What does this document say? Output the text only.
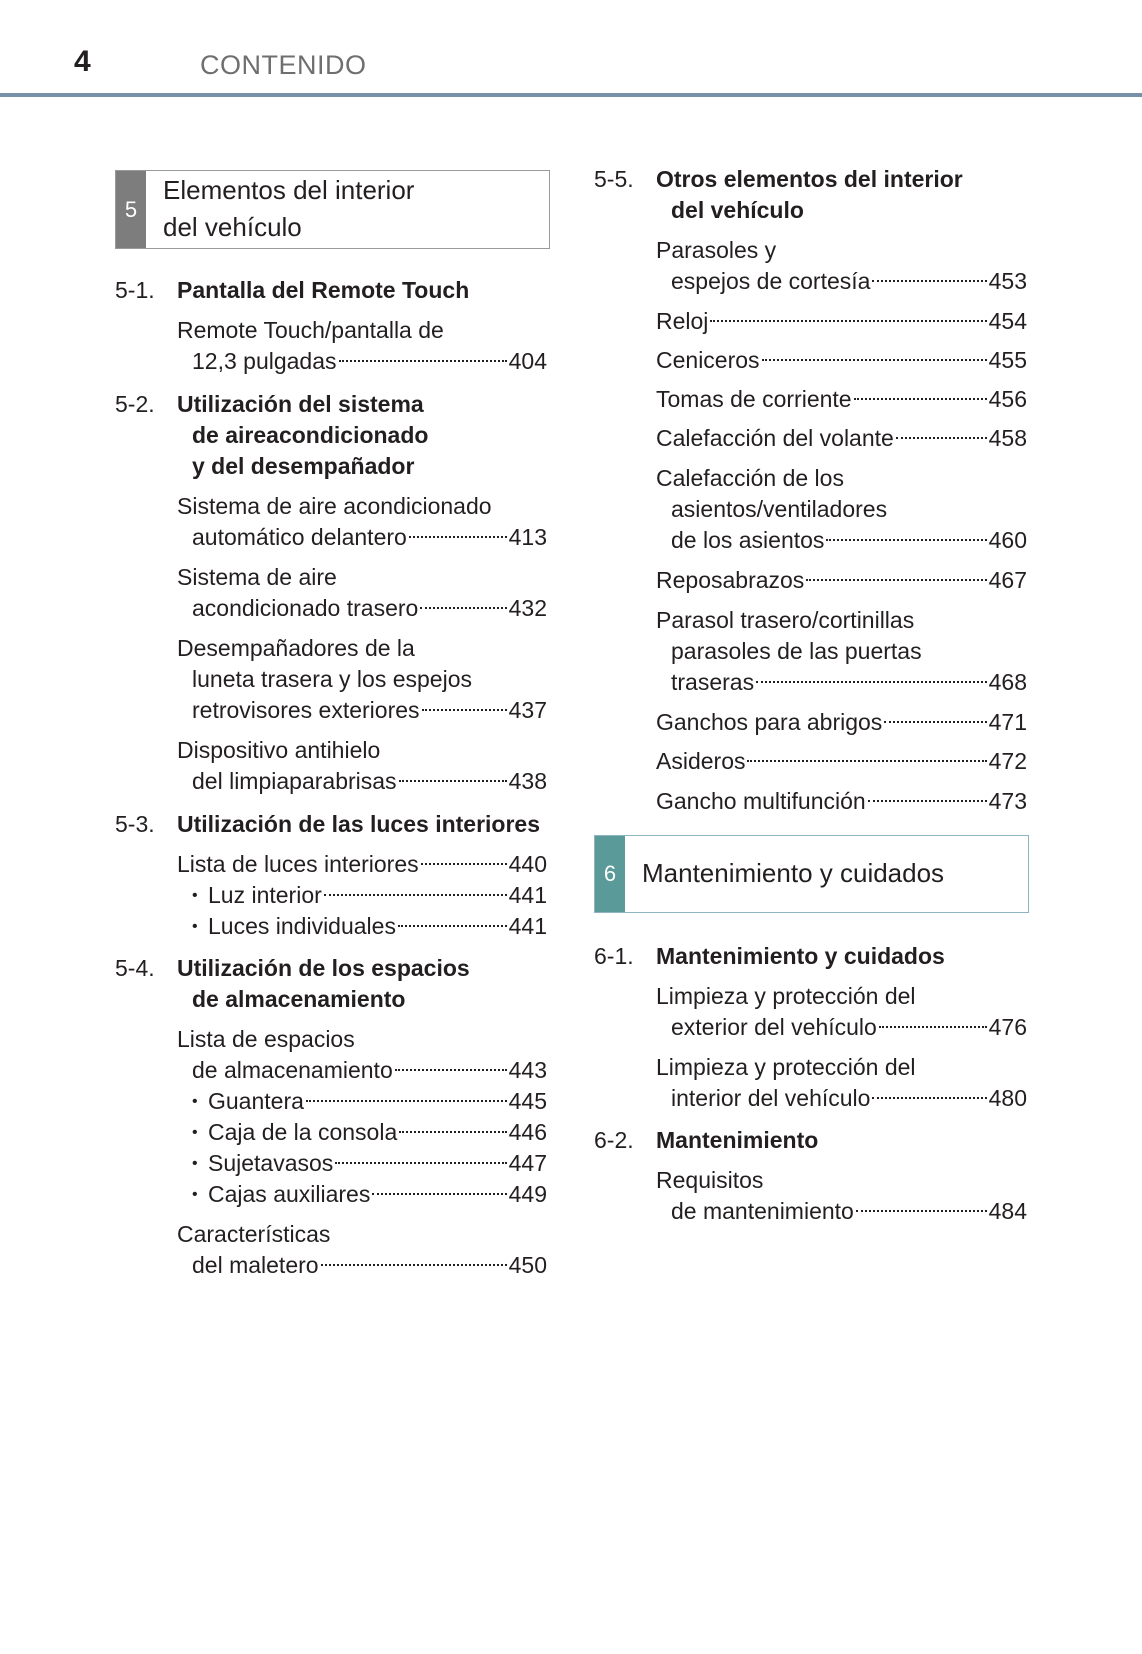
4	CONTENIDO
5
Elementos del interior
del vehículo
5-1. Pantalla del Remote Touch
Remote Touch/pantalla de
12,3 pulgadas	404
5-2. Utilización del sistema
de aireacondicionado
y del desempañador
Sistema de aire acondicionado
automático delantero	413
Sistema de aire
acondicionado trasero	432
Desempañadores de la
luneta trasera y los espejos
retrovisores exteriores	437
Dispositivo antihielo
del limpiaparabrisas	438
5-3. Utilización de las luces interiores
Lista de luces interiores	440
• Luz interior	441
• Luces individuales	441
5-4. Utilización de los espacios
de almacenamiento
Lista de espacios
de almacenamiento	443
• Guantera	445
• Caja de la consola	446
• Sujetavasos	447
• Cajas auxiliares	449
Características
del maletero	450
5-5. Otros elementos del interior
del vehículo
Parasoles y
espejos de cortesía	453
Reloj	454
Ceniceros	455
Tomas de corriente	456
Calefacción del volante	458
Calefacción de los
asientos/ventiladores
de los asientos	460
Reposabrazos	467
Parasol trasero/cortinillas
parasoles de las puertas
traseras	468
Ganchos para abrigos	471
Asideros	472
Gancho multifunción	473
6 Mantenimiento y cuidados
6-1. Mantenimiento y cuidados
Limpieza y protección del
exterior del vehículo	476
Limpieza y protección del
interior del vehículo	480
6-2. Mantenimiento
Requisitos
de mantenimiento	484
